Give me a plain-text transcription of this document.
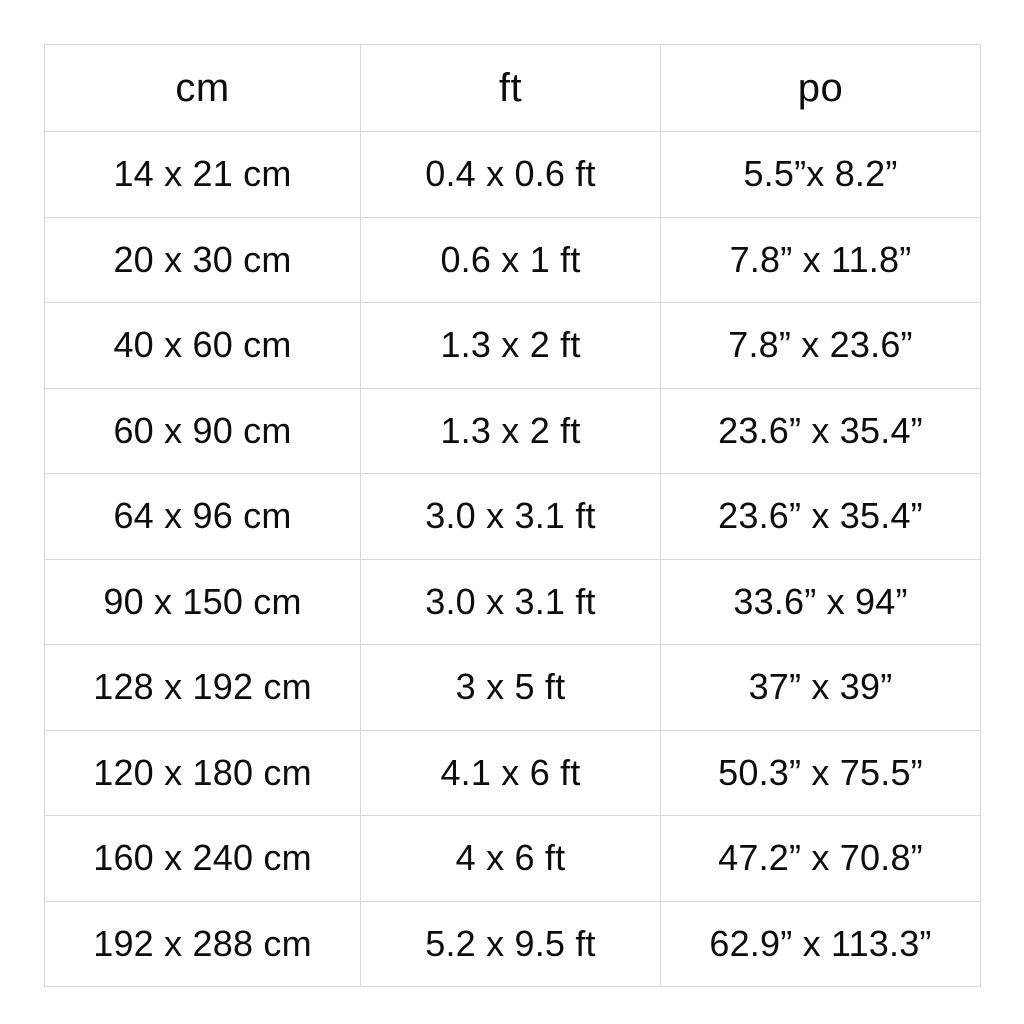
cm	ft	po
14 x 21 cm	0.4 x 0.6 ft	5.5”x 8.2”
20 x 30 cm	0.6 x 1 ft	7.8” x 11.8”
40 x 60 cm	1.3 x 2 ft	7.8” x 23.6”
60 x 90 cm	1.3 x 2 ft	23.6” x 35.4”
64 x 96 cm	3.0 x 3.1 ft	23.6” x 35.4”
90 x 150 cm	3.0 x 3.1 ft	33.6” x 94”
128 x 192 cm	3 x 5 ft	37” x 39”
120 x 180 cm	4.1 x 6 ft	50.3” x 75.5”
160 x 240 cm	4 x 6 ft	47.2” x 70.8”
192 x 288 cm	5.2 x 9.5 ft	62.9” x 113.3”
